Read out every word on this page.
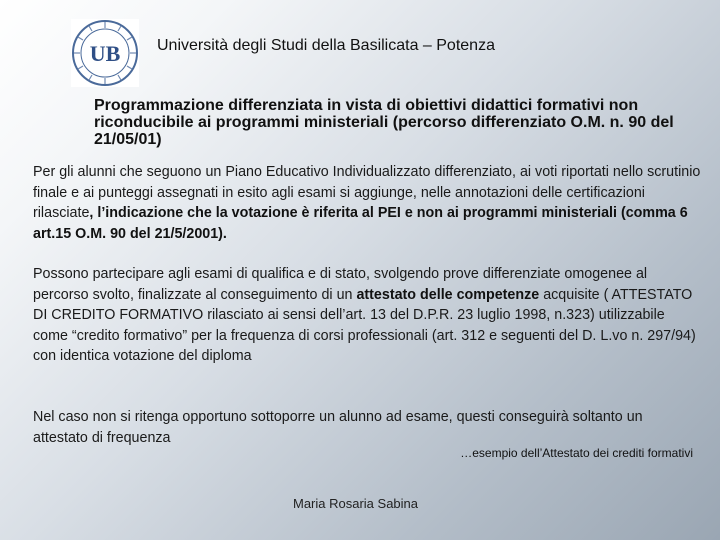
UB Università degli Studi della Basilicata – Potenza
Programmazione differenziata in vista di obiettivi didattici formativi non riconducibile ai programmi ministeriali (percorso differenziato O.M. n. 90 del 21/05/01)
Per gli alunni che seguono un Piano Educativo Individualizzato differenziato, ai voti riportati nello scrutinio finale e ai punteggi assegnati in esito agli esami si aggiunge, nelle annotazioni delle certificazioni rilasciate, l’indicazione che la votazione è riferita al PEI e non ai programmi ministeriali (comma 6 art.15 O.M. 90 del 21/5/2001).
Possono partecipare agli esami di qualifica e di stato, svolgendo prove differenziate omogenee al percorso svolto, finalizzate al conseguimento di un attestato delle competenze acquisite ( ATTESTATO DI CREDITO FORMATIVO rilasciato ai sensi dell’art. 13 del D.P.R. 23 luglio 1998, n.323) utilizzabile come “credito formativo” per la frequenza di corsi professionali (art. 312 e seguenti del D. L.vo n. 297/94) con identica votazione del diploma
Nel caso non si ritenga opportuno sottoporre un alunno ad esame, questi conseguirà soltanto un attestato di frequenza
…esempio dell’Attestato dei crediti formativi
Maria Rosaria Sabina
